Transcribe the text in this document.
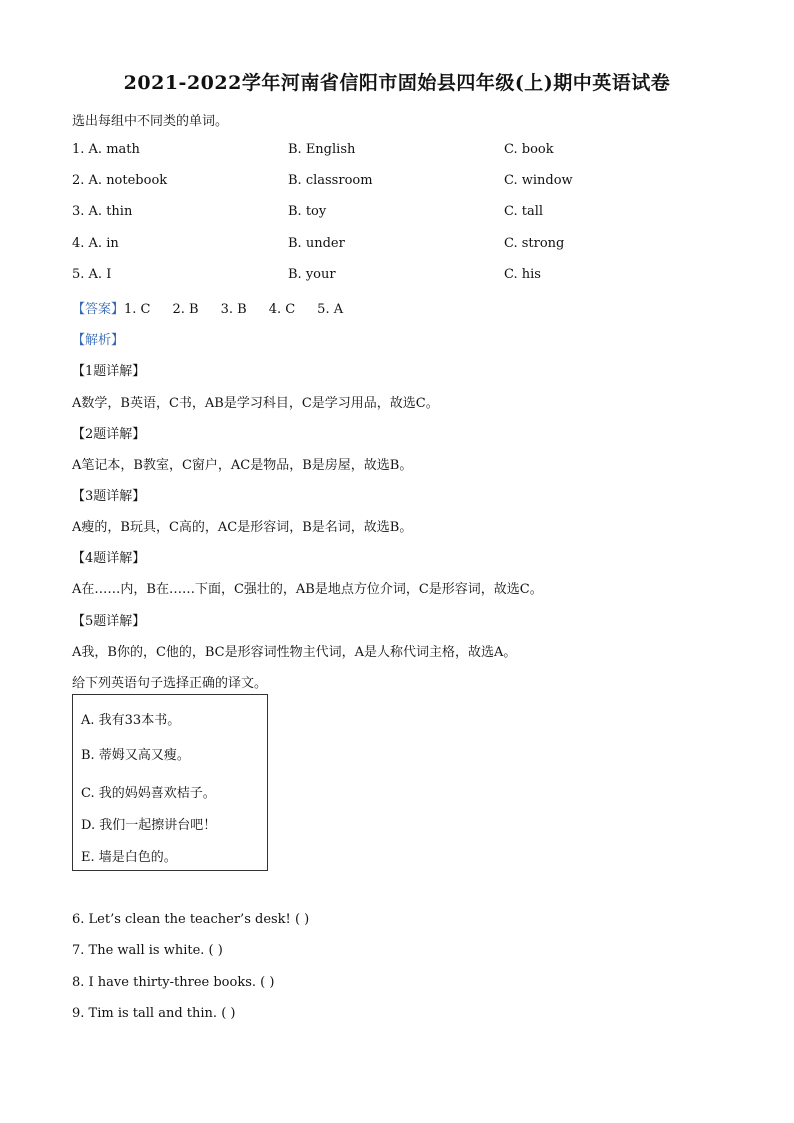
2021-2022学年河南省信阳市固始县四年级(上)期中英语试卷
选出每组中不同类的单词。
1. A. math	B. English	C. book
2. A. notebook	B. classroom	C. window
3. A. thin	B. toy	C. tall
4. A. in	B. under	C. strong
5. A. I	B. your	C. his
【答案】1. C 2. B 3. B 4. C 5. A
【解析】
【1题详解】
A数学，B英语，C书，AB是学习科目，C是学习用品，故选C。
【2题详解】
A笔记本，B教室，C窗户，AC是物品，B是房屋，故选B。
【3题详解】
A瘦的，B玩具，C高的，AC是形容词，B是名词，故选B。
【4题详解】
A在……内，B在……下面，C强壮的，AB是地点方位介词，C是形容词，故选C。
【5题详解】
A我，B你的，C他的，BC是形容词性物主代词，A是人称代词主格，故选A。
给下列英语句子选择正确的译文。
A. 我有33本书。
B. 蒂姆又高又瘦。
C. 我的妈妈喜欢桔子。
D. 我们一起擦讲台吧！
E. 墙是白色的。
6. Let’s clean the teacher’s desk! ( )
7. The wall is white. ( )
8. I have thirty-three books. ( )
9. Tim is tall and thin. ( )
